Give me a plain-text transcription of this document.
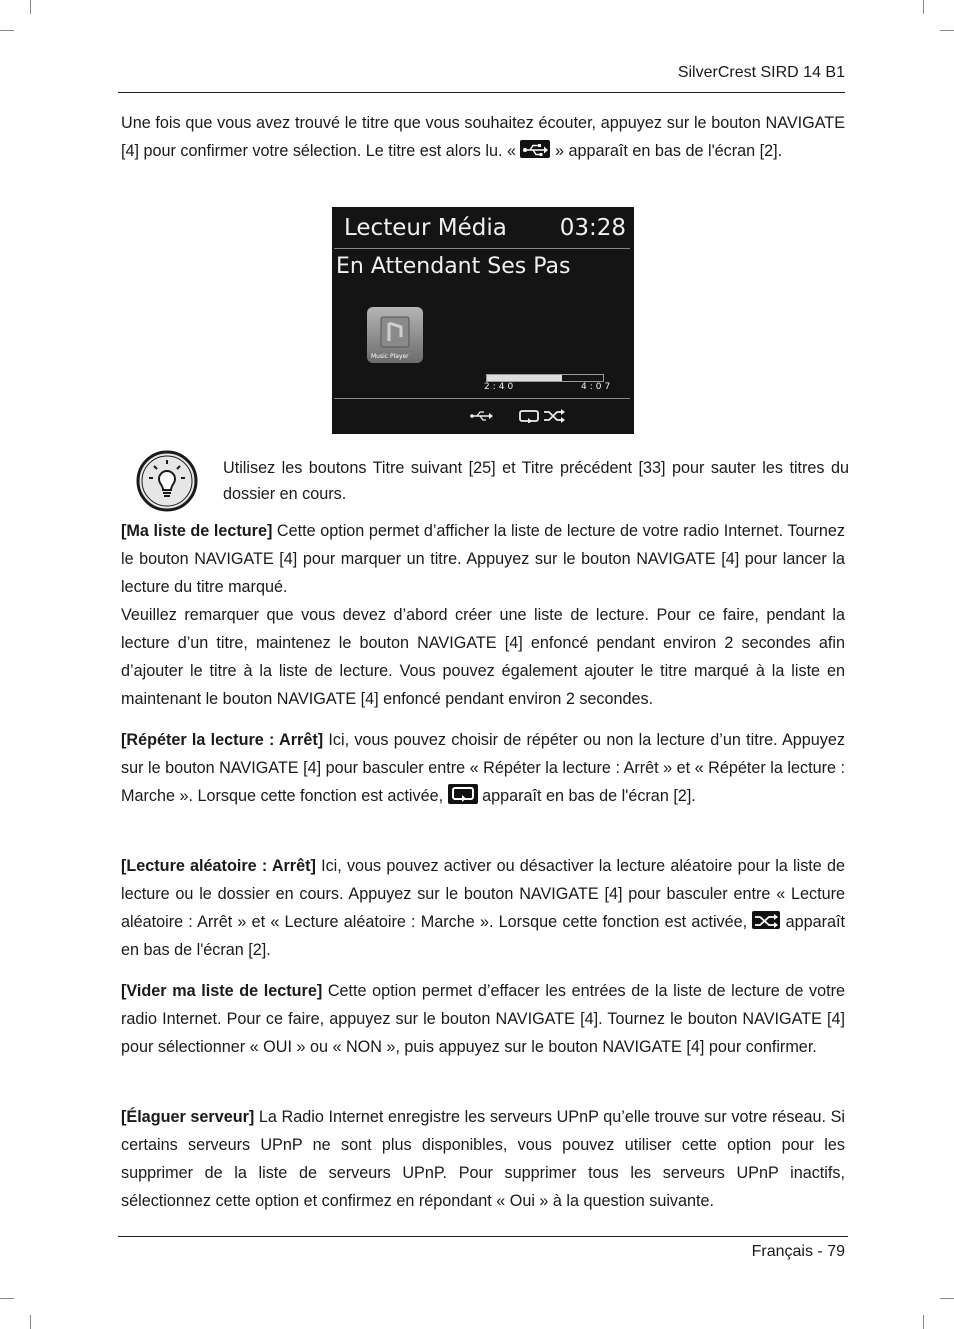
SilverCrest SIRD 14 B1

Une fois que vous avez trouvé le titre que vous souhaitez écouter, appuyez sur le bouton NAVIGATE [4] pour confirmer votre sélection. Le titre est alors lu. « » apparaît en bas de l'écran [2].

Lecteur Média 03:28
En Attendant Ses Pas
Music Player
2:40	4:07

Utilisez les boutons Titre suivant [25] et Titre précédent [33] pour sauter les titres du dossier en cours.

[Ma liste de lecture] Cette option permet d’afficher la liste de lecture de votre radio Internet. Tournez le bouton NAVIGATE [4] pour marquer un titre. Appuyez sur le bouton NAVIGATE [4] pour lancer la lecture du titre marqué.

Veuillez remarquer que vous devez d’abord créer une liste de lecture. Pour ce faire, pendant la lecture d’un titre, maintenez le bouton NAVIGATE [4] enfoncé pendant environ 2 secondes afin d’ajouter le titre à la liste de lecture. Vous pouvez également ajouter le titre marqué à la liste en maintenant le bouton NAVIGATE [4] enfoncé pendant environ 2 secondes.

[Répéter la lecture : Arrêt] Ici, vous pouvez choisir de répéter ou non la lecture d’un titre. Appuyez sur le bouton NAVIGATE [4] pour basculer entre « Répéter la lecture : Arrêt » et « Répéter la lecture : Marche ». Lorsque cette fonction est activée,  apparaît en bas de l'écran [2].

[Lecture aléatoire : Arrêt] Ici, vous pouvez activer ou désactiver la lecture aléatoire pour la liste de lecture ou le dossier en cours. Appuyez sur le bouton NAVIGATE [4] pour basculer entre « Lecture aléatoire : Arrêt » et « Lecture aléatoire : Marche ». Lorsque cette fonction est activée,  apparaît en bas de l'écran [2].

[Vider ma liste de lecture] Cette option permet d’effacer les entrées de la liste de lecture de votre radio Internet. Pour ce faire, appuyez sur le bouton NAVIGATE [4]. Tournez le bouton NAVIGATE [4] pour sélectionner « OUI » ou « NON », puis appuyez sur le bouton NAVIGATE [4] pour confirmer.

[Élaguer serveur] La Radio Internet enregistre les serveurs UPnP qu’elle trouve sur votre réseau. Si certains serveurs UPnP ne sont plus disponibles, vous pouvez utiliser cette option pour les supprimer de la liste de serveurs UPnP. Pour supprimer tous les serveurs UPnP inactifs, sélectionnez cette option et confirmez en répondant « Oui » à la question suivante.

Français - 79
